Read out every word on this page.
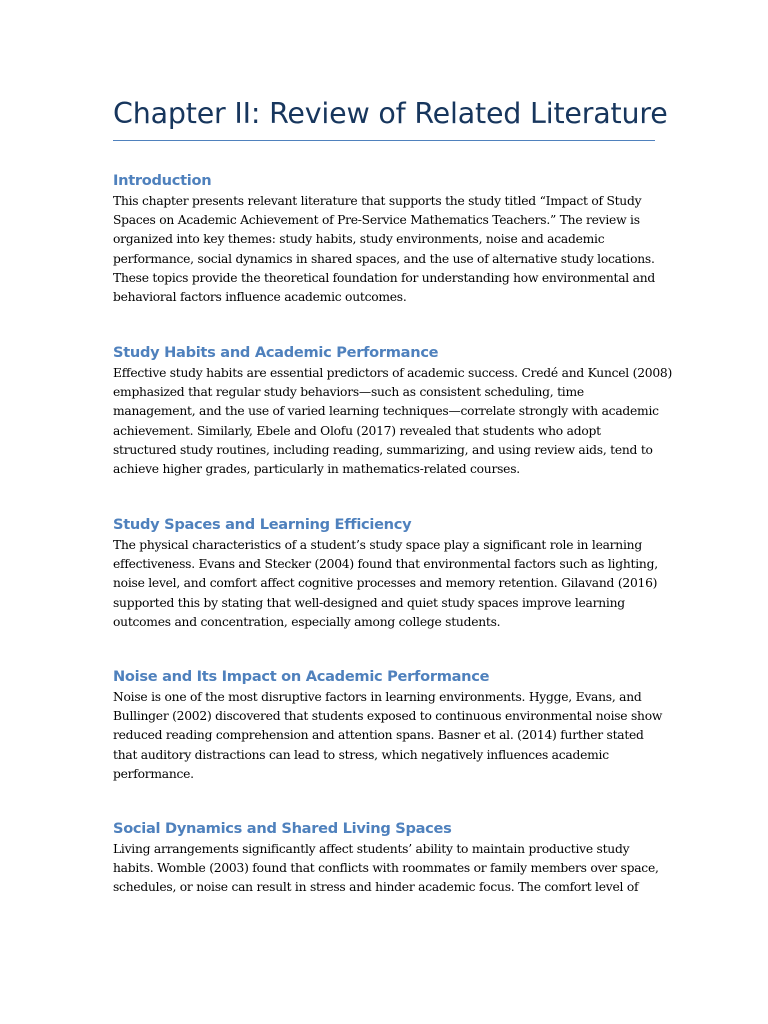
Chapter II: Review of Related Literature
Introduction

This chapter presents relevant literature that supports the study titled “Impact of Study
Spaces on Academic Achievement of Pre-Service Mathematics Teachers.” The review is
organized into key themes: study habits, study environments, noise and academic
performance, social dynamics in shared spaces, and the use of alternative study locations.
These topics provide the theoretical foundation for understanding how environmental and
behavioral factors influence academic outcomes.

Study Habits and Academic Performance

Effective study habits are essential predictors of academic success. Credé and Kuncel (2008)
emphasized that regular study behaviors—such as consistent scheduling, time
management, and the use of varied learning techniques—correlate strongly with academic
achievement. Similarly, Ebele and Olofu (2017) revealed that students who adopt
structured study routines, including reading, summarizing, and using review aids, tend to
achieve higher grades, particularly in mathematics-related courses.

Study Spaces and Learning Efficiency

The physical characteristics of a student’s study space play a significant role in learning
effectiveness. Evans and Stecker (2004) found that environmental factors such as lighting,
noise level, and comfort affect cognitive processes and memory retention. Gilavand (2016)
supported this by stating that well-designed and quiet study spaces improve learning
outcomes and concentration, especially among college students.

Noise and Its Impact on Academic Performance

Noise is one of the most disruptive factors in learning environments. Hygge, Evans, and
Bullinger (2002) discovered that students exposed to continuous environmental noise show
reduced reading comprehension and attention spans. Basner et al. (2014) further stated
that auditory distractions can lead to stress, which negatively influences academic
performance.

Social Dynamics and Shared Living Spaces

Living arrangements significantly affect students’ ability to maintain productive study
habits. Womble (2003) found that conflicts with roommates or family members over space,
schedules, or noise can result in stress and hinder academic focus. The comfort level of
